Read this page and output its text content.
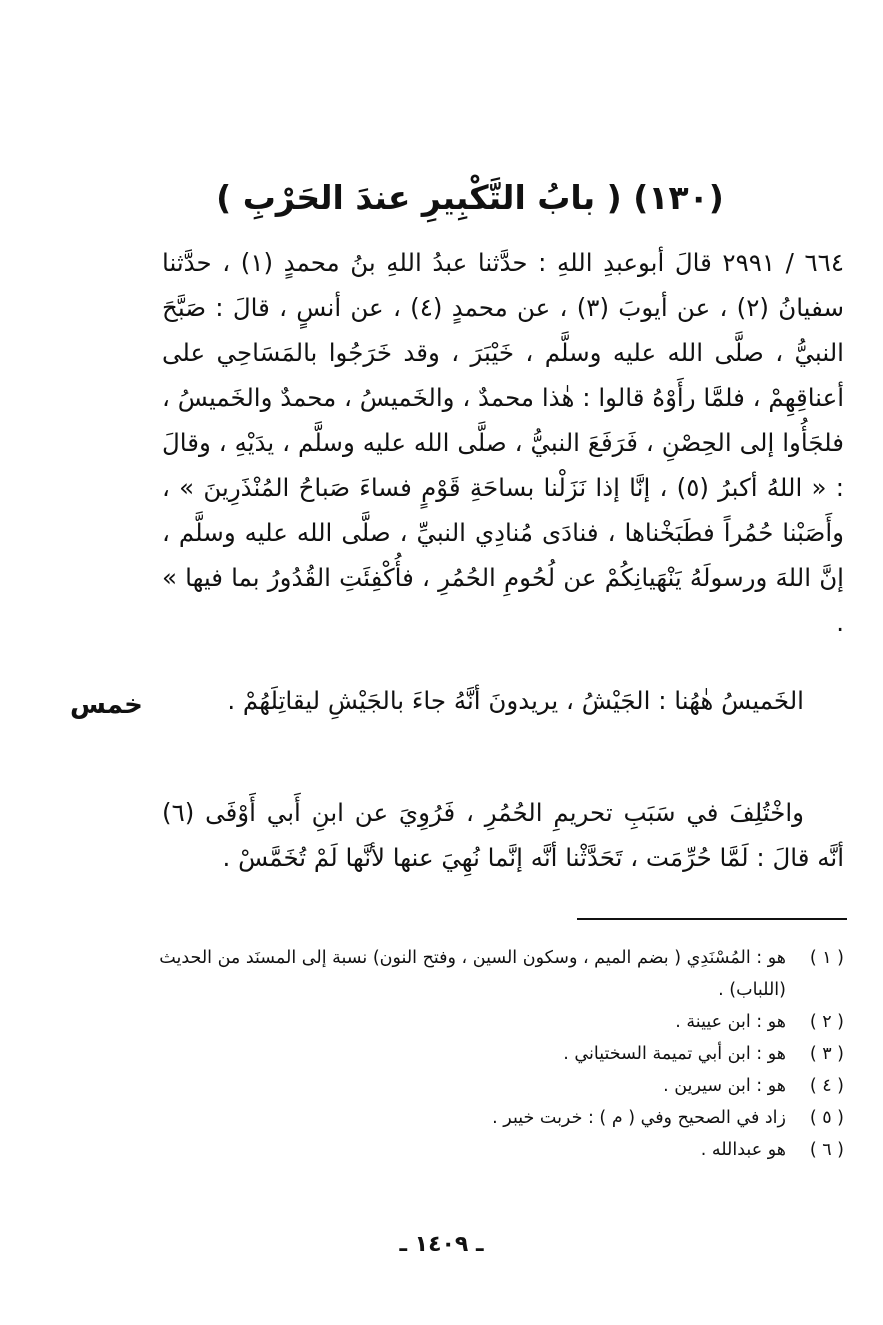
(١٣٠) ( بابُ التَّكْبِيرِ عندَ الحَرْبِ )

٦٦٤ / ٢٩٩١ قالَ أبوعبدِ اللهِ : حدَّثنا عبدُ اللهِ بنُ محمدٍ (١) ، حدَّثنا سفيانُ (٢) ، عن أيوبَ (٣) ، عن محمدٍ (٤) ، عن أنسٍ ، قالَ : صَبَّحَ النبيُّ ، صلَّى الله عليه وسلَّم ، خَيْبَرَ ، وقد خَرَجُوا بالمَسَاحِي على أعناقِهِمْ ، فلمَّا رأَوْهُ قالوا : هٰذا محمدٌ ، والخَميسُ ، محمدٌ والخَميسُ ، فلجَأُوا إلى الحِصْنِ ، فَرَفَعَ النبيُّ ، صلَّى الله عليه وسلَّم ، يدَيْهِ ، وقالَ : « اللهُ أكبرُ (٥) ، إنَّا إذا نَزَلْنا بساحَةِ قَوْمٍ فساءَ صَباحُ المُنْذَرِينَ » ، وأَصَبْنا حُمُراً فطَبَخْناها ، فنادَى مُنادِي النبيِّ ، صلَّى الله عليه وسلَّم ، إنَّ اللهَ ورسولَهُ يَنْهَيانِكُمْ عن لُحُومِ الحُمُرِ ، فأُكْفِئَتِ القُدُورُ بما فيها » .

الخَميسُ هٰهُنا : الجَيْشُ ، يريدونَ أنَّهُ جاءَ بالجَيْشِ ليقاتِلَهُمْ .

خمس

واخْتُلِفَ في سَبَبِ تحريمِ الحُمُرِ ، فَرُوِيَ عن ابنِ أَبي أَوْفَى (٦) أنَّه قالَ : لَمَّا حُرِّمَت ، تَحَدَّثْنا أنَّه إنَّما نُهِيَ عنها لأنَّها لَمْ تُخَمَّسْ .

( ١ )
هو : المُسْنَدِي ( بضم الميم ، وسكون السين ، وفتح النون) نسبة إلى المسنَد من الحديث (اللباب) .

( ٢ )
هو : ابن عيينة .

( ٣ )
هو : ابن أبي تميمة السختياني .

( ٤ )
هو : ابن سيرين .

( ٥ )
زاد في الصحيح وفي ( م ) : خربت خيبر .

( ٦ )
هو عبدالله .

ـ ١٤٠٩ ـ
